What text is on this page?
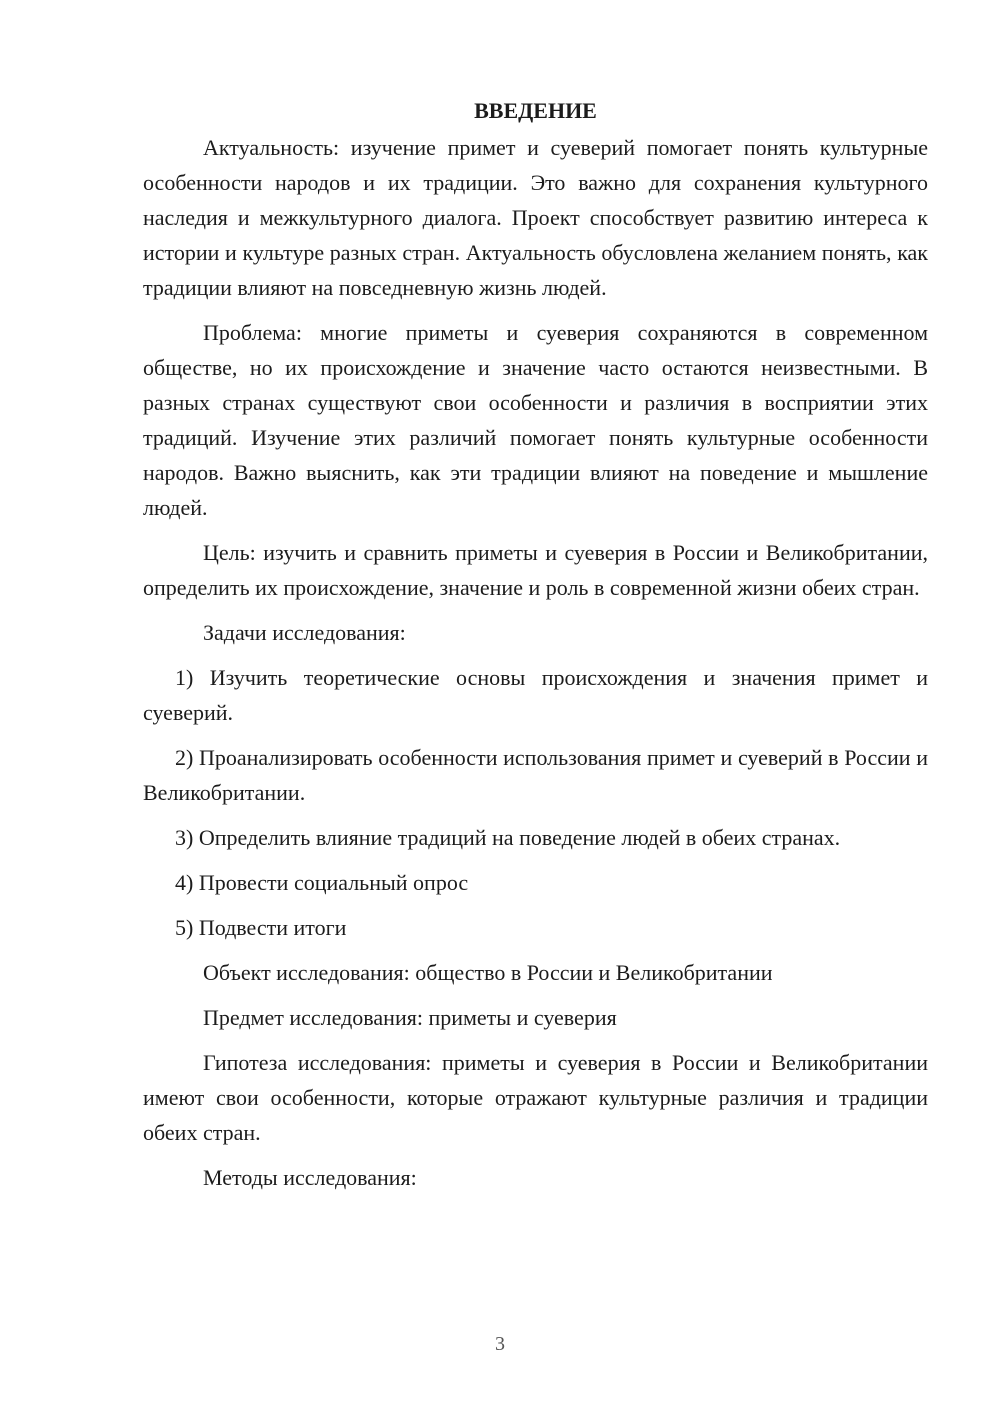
ВВЕДЕНИЕ

Актуальность: изучение примет и суеверий помогает понять культурные особенности народов и их традиции. Это важно для сохранения культурного наследия и межкультурного диалога. Проект способствует развитию интереса к истории и культуре разных стран. Актуальность обусловлена желанием понять, как традиции влияют на повседневную жизнь людей.

Проблема: многие приметы и суеверия сохраняются в современном обществе, но их происхождение и значение часто остаются неизвестными. В разных странах существуют свои особенности и различия в восприятии этих традиций. Изучение этих различий помогает понять культурные особенности народов. Важно выяснить, как эти традиции влияют на поведение и мышление людей.

Цель: изучить и сравнить приметы и суеверия в России и Великобритании, определить их происхождение, значение и роль в современной жизни обеих стран.

Задачи исследования:

1) Изучить теоретические основы происхождения и значения примет и суеверий.

2) Проанализировать особенности использования примет и суеверий в России и Великобритании.

3) Определить влияние традиций на поведение людей в обеих странах.

4) Провести социальный опрос

5) Подвести итоги

Объект исследования: общество в России и Великобритании

Предмет исследования: приметы и суеверия

Гипотеза исследования: приметы и суеверия в России и Великобритании имеют свои особенности, которые отражают культурные различия и традиции обеих стран.

Методы исследования:

3
